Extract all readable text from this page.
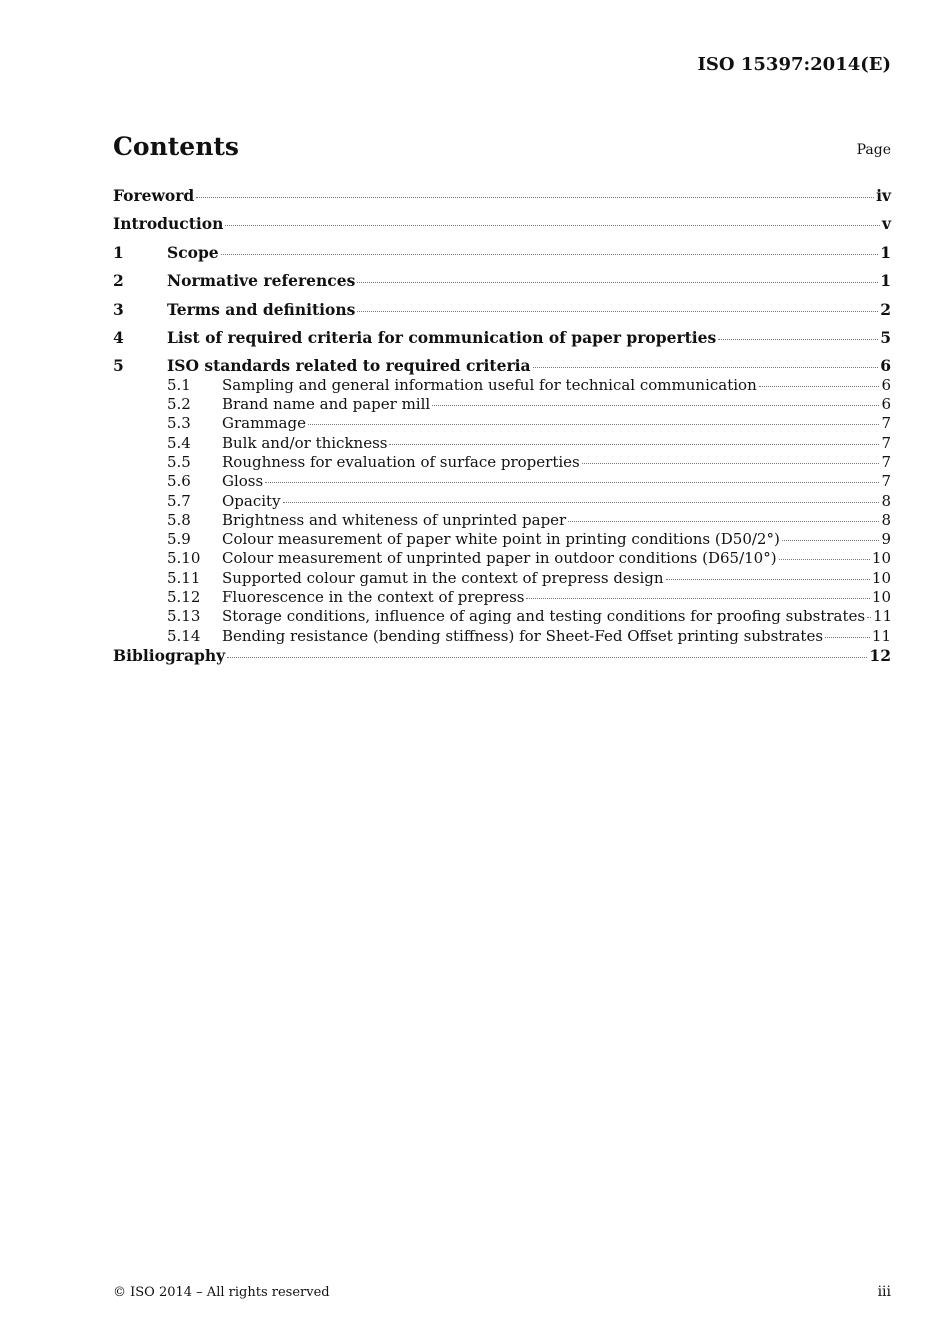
ISO 15397:2014(E)
Contents	Page
Foreword	iv
Introduction	v
1	Scope	1
2	Normative references	1
3	Terms and definitions	2
4	List of required criteria for communication of paper properties	5
5	ISO standards related to required criteria	6
5.1	Sampling and general information useful for technical communication	6
5.2	Brand name and paper mill	6
5.3	Grammage	7
5.4	Bulk and/or thickness	7
5.5	Roughness for evaluation of surface properties	7
5.6	Gloss	7
5.7	Opacity	8
5.8	Brightness and whiteness of unprinted paper	8
5.9	Colour measurement of paper white point in printing conditions (D50/2°)	9
5.10	Colour measurement of unprinted paper in outdoor conditions (D65/10°)	10
5.11	Supported colour gamut in the context of prepress design	10
5.12	Fluorescence in the context of prepress	10
5.13	Storage conditions, influence of aging and testing conditions for proofing substrates 11
5.14	Bending resistance (bending stiffness) for Sheet-Fed Offset printing substrates	11
Bibliography	12
© ISO 2014 – All rights reserved	iii
